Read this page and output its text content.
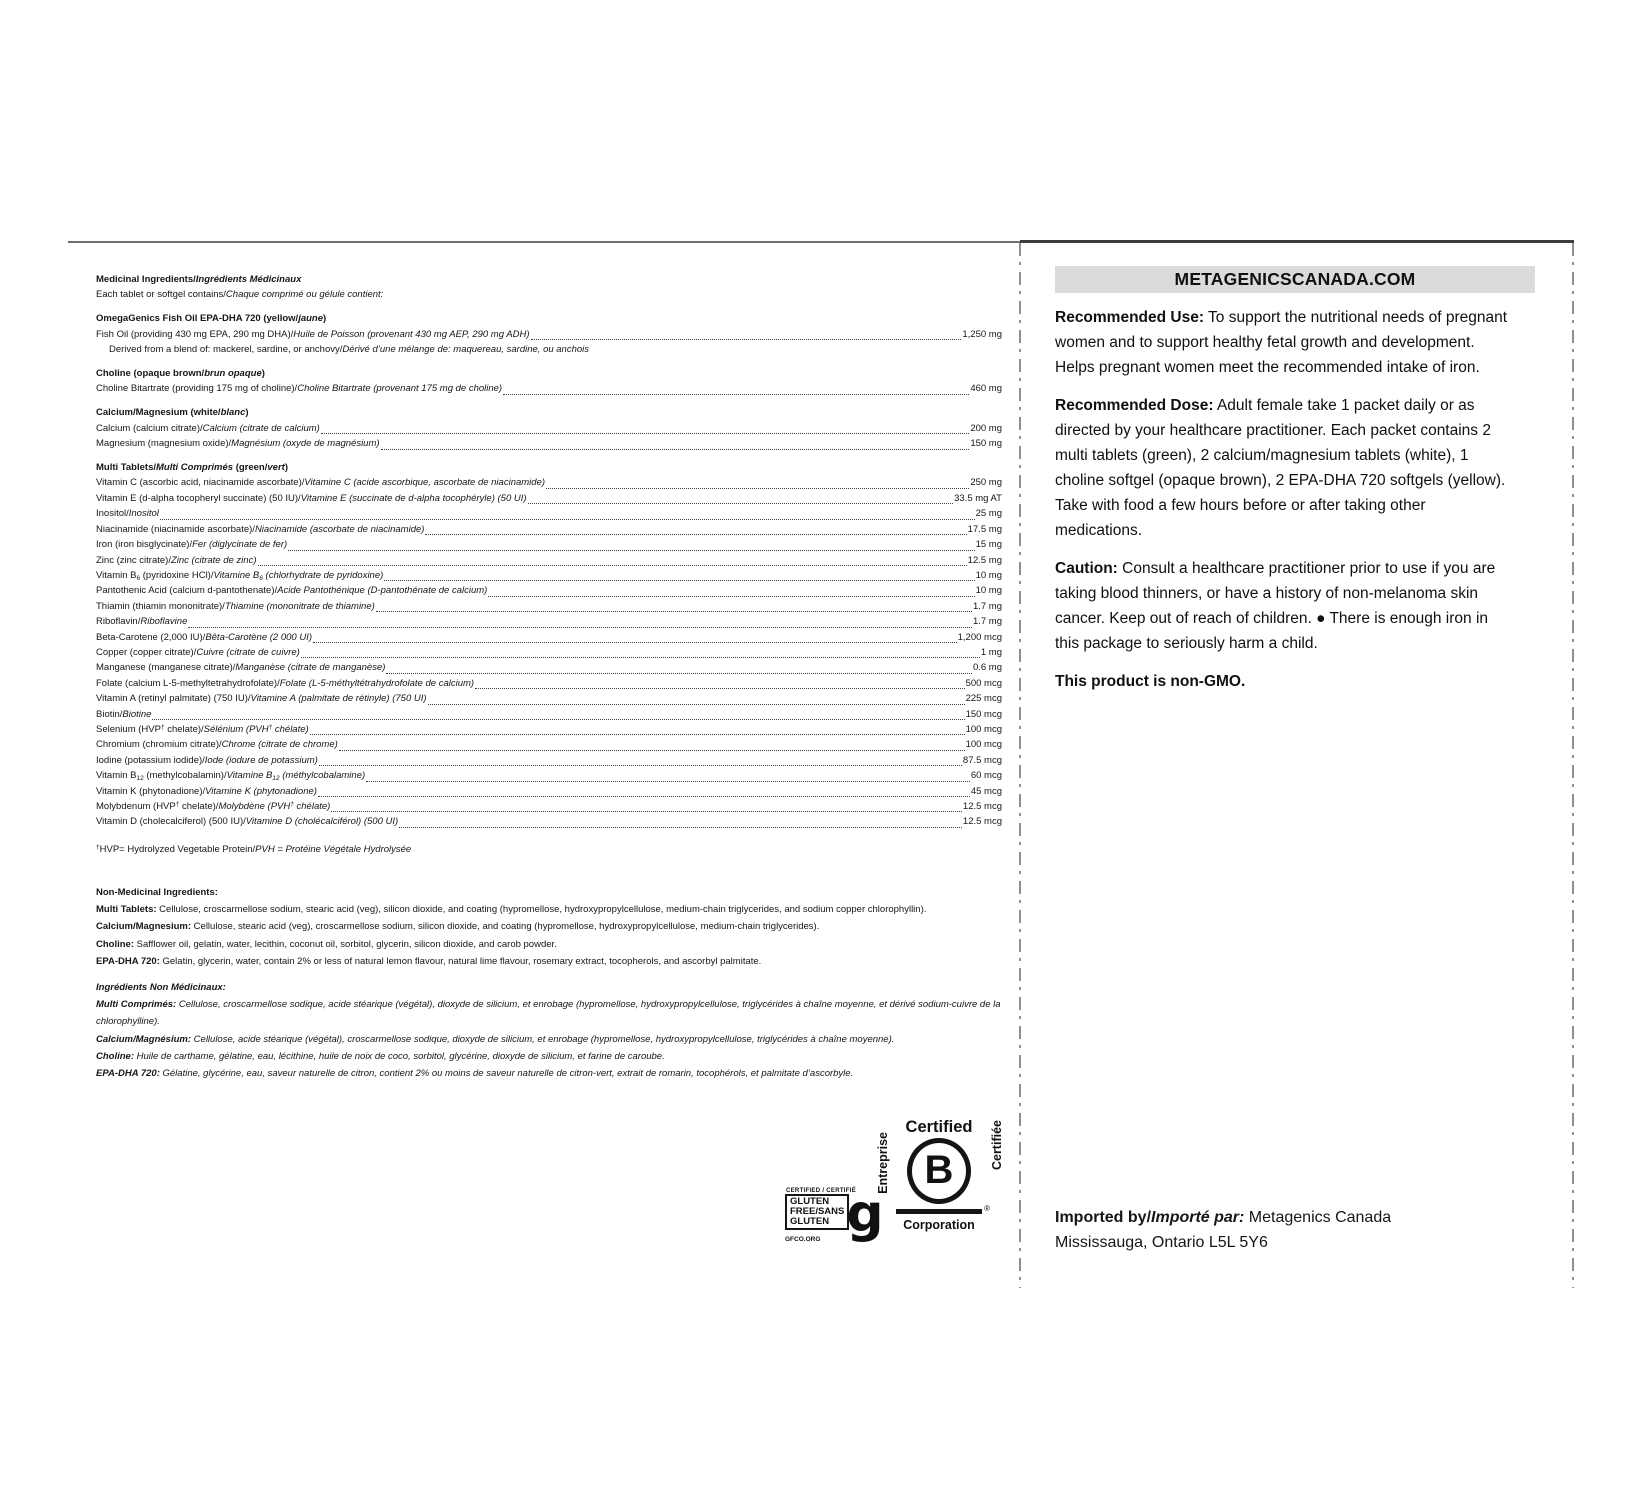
Medicinal Ingredients/Ingrédients Médicinaux
Each tablet or softgel contains/Chaque comprimé ou gélule contient:
OmegaGenics Fish Oil EPA-DHA 720 (yellow/jaune)
Fish Oil (providing 430 mg EPA, 290 mg DHA)/Huile de Poisson (provenant 430 mg AEP, 290 mg ADH)	1,250 mg
Derived from a blend of: mackerel, sardine, or anchovy/Dérivé d’une mélange de: maquereau, sardine, ou anchois
Choline (opaque brown/brun opaque)
Choline Bitartrate (providing 175 mg of choline)/Choline Bitartrate (provenant 175 mg de choline)	460 mg
Calcium/Magnesium (white/blanc)
Calcium (calcium citrate)/Calcium (citrate de calcium)	200 mg
Magnesium (magnesium oxide)/Magnésium (oxyde de magnésium)	150 mg
Multi Tablets/Multi Comprimés (green/vert)
Vitamin C (ascorbic acid, niacinamide ascorbate)/Vitamine C (acide ascorbique, ascorbate de niacinamide)	250 mg
Vitamin E (d-alpha tocopheryl succinate) (50 IU)/Vitamine E (succinate de d-alpha tocophéryle) (50 UI)	33.5 mg AT
Inositol/Inositol	25 mg
Niacinamide (niacinamide ascorbate)/Niacinamide (ascorbate de niacinamide)	17.5 mg
Iron (iron bisglycinate)/Fer (diglycinate de fer)	15 mg
Zinc (zinc citrate)/Zinc (citrate de zinc)	12.5 mg
Vitamin $B_6$ (pyridoxine HCl)/Vitamine $B_6$ (chlorhydrate de pyridoxine)	10 mg
Pantothenic Acid (calcium d-pantothenate)/Acide Pantothénique (D-pantothénate de calcium)	10 mg
Thiamin (thiamin mononitrate)/Thiamine (mononitrate de thiamine)	1.7 mg
Riboflavin/Riboflavine	1.7 mg
Beta-Carotene (2,000 IU)/Bêta-Carotène (2 000 UI)	1,200 mcg
Copper (copper citrate)/Cuivre (citrate de cuivre)	1 mg
Manganese (manganese citrate)/Manganèse (citrate de manganèse)	0.6 mg
Folate (calcium L-5-methyltetrahydrofolate)/Folate (L-5-méthyltétrahydrofolate de calcium)	500 mcg
Vitamin A (retinyl palmitate) (750 IU)/Vitamine A (palmitate de rétinyle) (750 UI)	225 mcg
Biotin/Biotine	150 mcg
Selenium (HVP† chelate)/Sélénium (PVH† chélate)	100 mcg
Chromium (chromium citrate)/Chrome (citrate de chrome)	100 mcg
Iodine (potassium iodide)/Iode (iodure de potassium)	87.5 mcg
Vitamin $B_{12}$ (methylcobalamin)/Vitamine $B_{12}$ (méthylcobalamine)	60 mcg
Vitamin K (phytonadione)/Vitamine K (phytonadione)	45 mcg
Molybdenum (HVP† chelate)/Molybdène (PVH† chélate)	12.5 mcg
Vitamin D (cholecalciferol) (500 IU)/Vitamine D (cholécalciférol) (500 UI)	12.5 mcg
†HVP= Hydrolyzed Vegetable Protein/PVH = Protéine Végétale Hydrolysée
Non-Medicinal Ingredients:
Multi Tablets: Cellulose, croscarmellose sodium, stearic acid (veg), silicon dioxide, and coating (hypromellose, hydroxypropylcellulose, medium-chain triglycerides, and sodium copper chlorophyllin).
Calcium/Magnesium: Cellulose, stearic acid (veg), croscarmellose sodium, silicon dioxide, and coating (hypromellose, hydroxypropylcellulose, medium-chain triglycerides).
Choline: Safflower oil, gelatin, water, lecithin, coconut oil, sorbitol, glycerin, silicon dioxide, and carob powder.
EPA-DHA 720: Gelatin, glycerin, water, contain 2% or less of natural lemon flavour, natural lime flavour, rosemary extract, tocopherols, and ascorbyl palmitate.
Ingrédients Non Médicinaux:
Multi Comprimés: Cellulose, croscarmellose sodique, acide stéarique (végétal), dioxyde de silicium, et enrobage (hypromellose, hydroxypropylcellulose, triglycérides à chaîne moyenne, et dérivé sodium-cuivre de la chlorophylline).
Calcium/Magnésium: Cellulose, acide stéarique (végétal), croscarmellose sodique, dioxyde de silicium, et enrobage (hypromellose, hydroxypropylcellulose, triglycérides à chaîne moyenne).
Choline: Huile de carthame, gélatine, eau, lécithine, huile de noix de coco, sorbitol, glycérine, dioxyde de silicium, et farine de caroube.
EPA-DHA 720: Gélatine, glycérine, eau, saveur naturelle de citron, contient 2% ou moins de saveur naturelle de citron-vert, extrait de romarin, tocophérols, et palmitate d’ascorbyle.
CERTIFIED / CERTIFIÉ
GLUTEN
FREE/SANS
GLUTEN g
GFCO.ORG
Entreprise	Certifiée
Certified
B
®
Corporation
METAGENICSCANADA.COM
Recommended Use: To support the nutritional needs of pregnant women and to support healthy fetal growth and development. Helps pregnant women meet the recommended intake of iron.
Recommended Dose: Adult female take 1 packet daily or as directed by your healthcare practitioner. Each packet contains 2 multi tablets (green), 2 calcium/magnesium tablets (white), 1 choline softgel (opaque brown), 2 EPA-DHA 720 softgels (yellow). Take with food a few hours before or after taking other medications.
Caution: Consult a healthcare practitioner prior to use if you are taking blood thinners, or have a history of non-melanoma skin cancer. Keep out of reach of children. ● There is enough iron in this package to seriously harm a child.
This product is non-GMO.
Imported by/Importé par: Metagenics Canada
Mississauga, Ontario L5L 5Y6
